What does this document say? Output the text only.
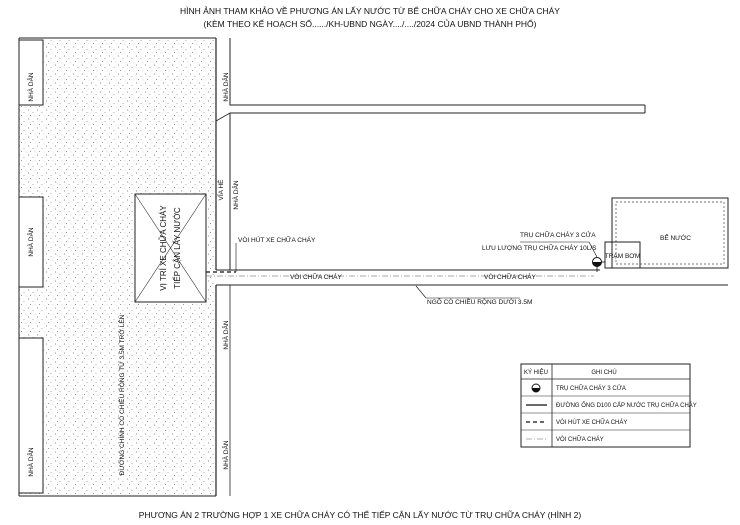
HÌNH ẢNH THAM KHẢO VỀ PHƯƠNG ÁN LẤY NƯỚC TỪ BỂ CHỮA CHÁY CHO XE CHỮA CHÁY
(KÈM THEO KẾ HOẠCH SỐ....../KH-UBND NGÀY..../..../2024 CỦA UBND THÀNH PHỐ)
NHÀ DÂN
NHÀ DÂN
NHÀ DÂN	ĐƯỜNG CHÍNH CÓ CHIỀU RỘNG TỪ 3.5M TRỞ LÊN
VỊ TRÍ XE CHỮA CHÁY TIẾP CẬN LẤY NƯỚC
NHÀ DÂN
VỈA HÈ	NHÀ DÂN
NHÀ DÂN
NHÀ DÂN
VÒI HÚT XE CHỮA CHÁY
VÒI CHỮA CHÁY	VÒI CHỮA CHÁY
TRỤ CHỮA CHÁY 3 CỬA
LƯU LƯỢNG TRỤ CHỮA CHÁY 10L/S
TRẠM BƠM
BỂ NƯỚC
NGÕ CÓ CHIỀU RỘNG DƯỚI 3.5M
KÝ HIỆU	GHI CHÚ
TRỤ CHỮA CHÁY 3 CỬA
ĐƯỜNG ỐNG D100 CẤP NƯỚC TRỤ CHỮA CHÁY
VÒI HÚT XE CHỮA CHÁY
VÒI CHỮA CHÁY
PHƯƠNG ÁN 2 TRƯỜNG HỢP 1 XE CHỮA CHÁY CÓ THỂ TIẾP CẬN LẤY NƯỚC TỪ TRỤ CHỮA CHÁY (HÌNH 2)
